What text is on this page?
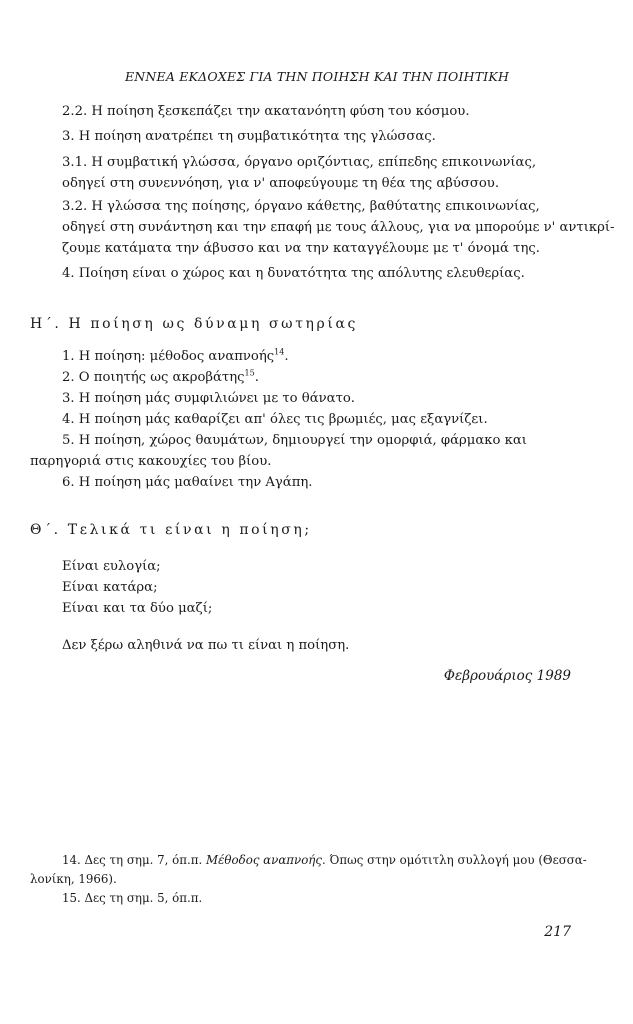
ΕΝΝΕΑ ΕΚΔΟΧΕΣ ΓΙΑ ΤΗΝ ΠΟΙΗΣΗ ΚΑΙ ΤΗΝ ΠΟΙΗΤΙΚΗ
2.2. Η ποίηση ξεσκεπάζει την ακατανόητη φύση του κόσμου.
3. Η ποίηση ανατρέπει τη συμβατικότητα της γλώσσας.
3.1. Η συμβατική γλώσσα, όργανο οριζόντιας, επίπεδης επικοινωνίας,
οδηγεί στη συνεννόηση, για ν' αποφεύγουμε τη θέα της αβύσσου.
3.2. Η γλώσσα της ποίησης, όργανο κάθετης, βαθύτατης επικοινωνίας,
οδηγεί στη συνάντηση και την επαφή με τους άλλους, για να μπορούμε ν' αντικρί-
ζουμε κατάματα την άβυσσο και να την καταγγέλουμε με τ' όνομά της.
4. Ποίηση είναι ο χώρος και η δυνατότητα της απόλυτης ελευθερίας.
Η΄. Η ποίηση ως δύναμη σωτηρίας
1. Η ποίηση: μέθοδος αναπνοής$^{14}$.
2. Ο ποιητής ως ακροβάτης$^{15}$.
3. Η ποίηση μάς συμφιλιώνει με το θάνατο.
4. Η ποίηση μάς καθαρίζει απ' όλες τις βρωμιές, μας εξαγνίζει.
5. Η ποίηση, χώρος θαυμάτων, δημιουργεί την ομορφιά, φάρμακο και
παρηγοριά στις κακουχίες του βίου.
6. Η ποίηση μάς μαθαίνει την Αγάπη.
Θ΄. Τελικά τι είναι η ποίηση;
Είναι ευλογία;
Είναι κατάρα;
Είναι και τα δύο μαζί;
Δεν ξέρω αληθινά να πω τι είναι η ποίηση.
Φεβρουάριος 1989
14. Δες τη σημ. 7, όπ.π. Μέθοδος αναπνοής. Όπως στην ομότιτλη συλλογή μου (Θεσσα-
λονίκη, 1966).
15. Δες τη σημ. 5, όπ.π.
217
